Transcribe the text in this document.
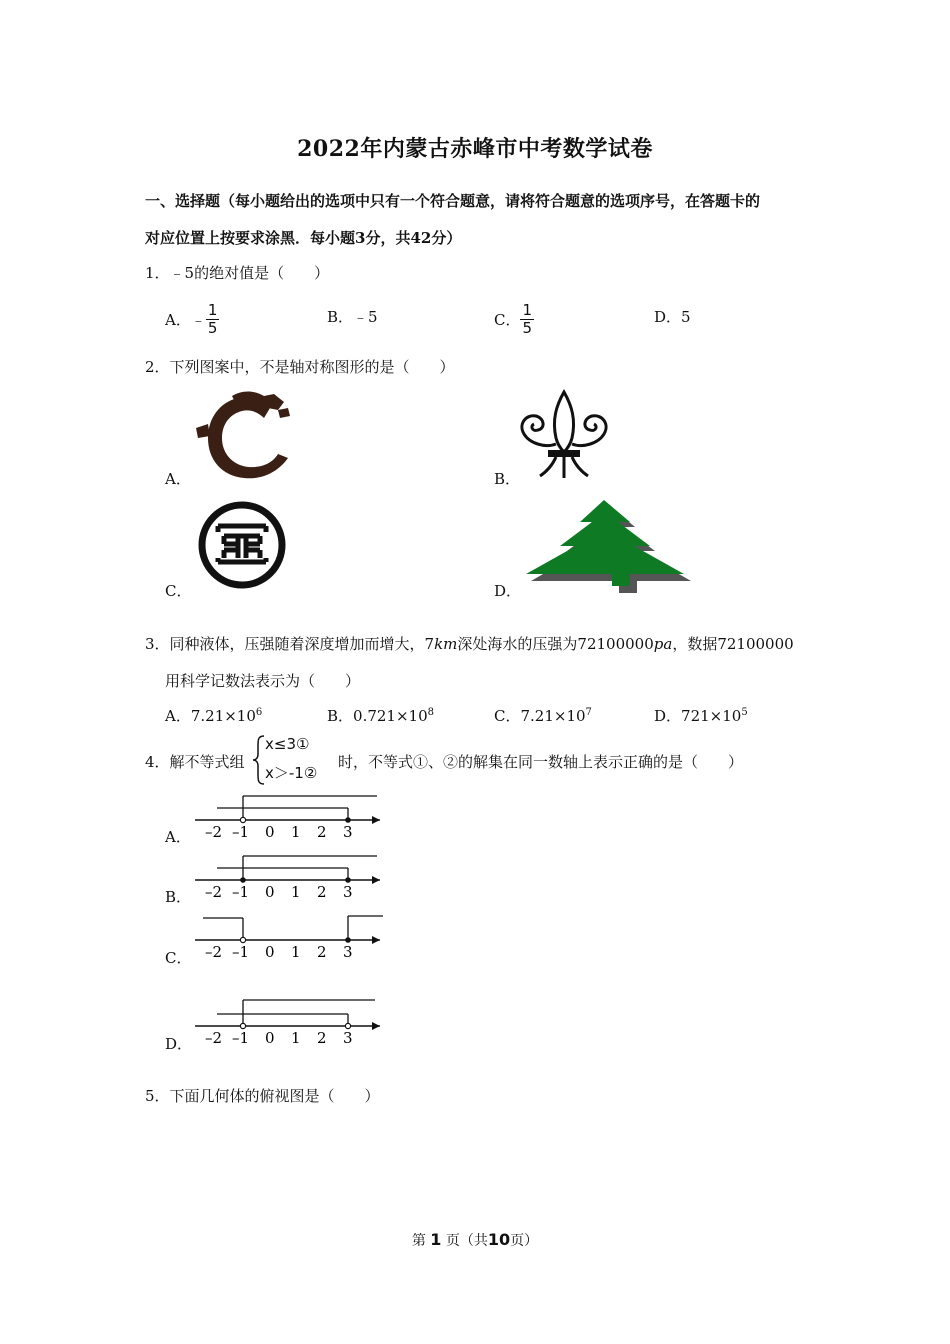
2022年内蒙古赤峰市中考数学试卷
一、选择题（每小题给出的选项中只有一个符合题意，请将符合题意的选项序号，在答题卡的
对应位置上按要求涂黑．每小题3分，共42分）
1．﹣5的绝对值是（　　）
A．﹣ $\frac{1}{5}$	B．﹣5	C． $\frac{1}{5}$	D．5
2．下列图案中，不是轴对称图形的是（　　）
A．	B．
C．	D．
3．同种液体，压强随着深度增加而增大，7km深处海水的压强为72100000pa，数据72100000
用科学记数法表示为（　　）
A．$7.21\times 10^6$	B．$0.721\times 10^8$	C．$7.21\times 10^7$	D．$721\times 10^5$
4．解不等式组
x≤3①
x＞-1②
时，不等式①、②的解集在同一数轴上表示正确的是（　　）
A．
B．
C．
D．
–2 –1 0 1 2 3
–2 –1 0 1 2 3
–2 –1 0 1 2 3
–2 –1 0 1 2 3
5．下面几何体的俯视图是（　　）
第 1 页（共10页）
